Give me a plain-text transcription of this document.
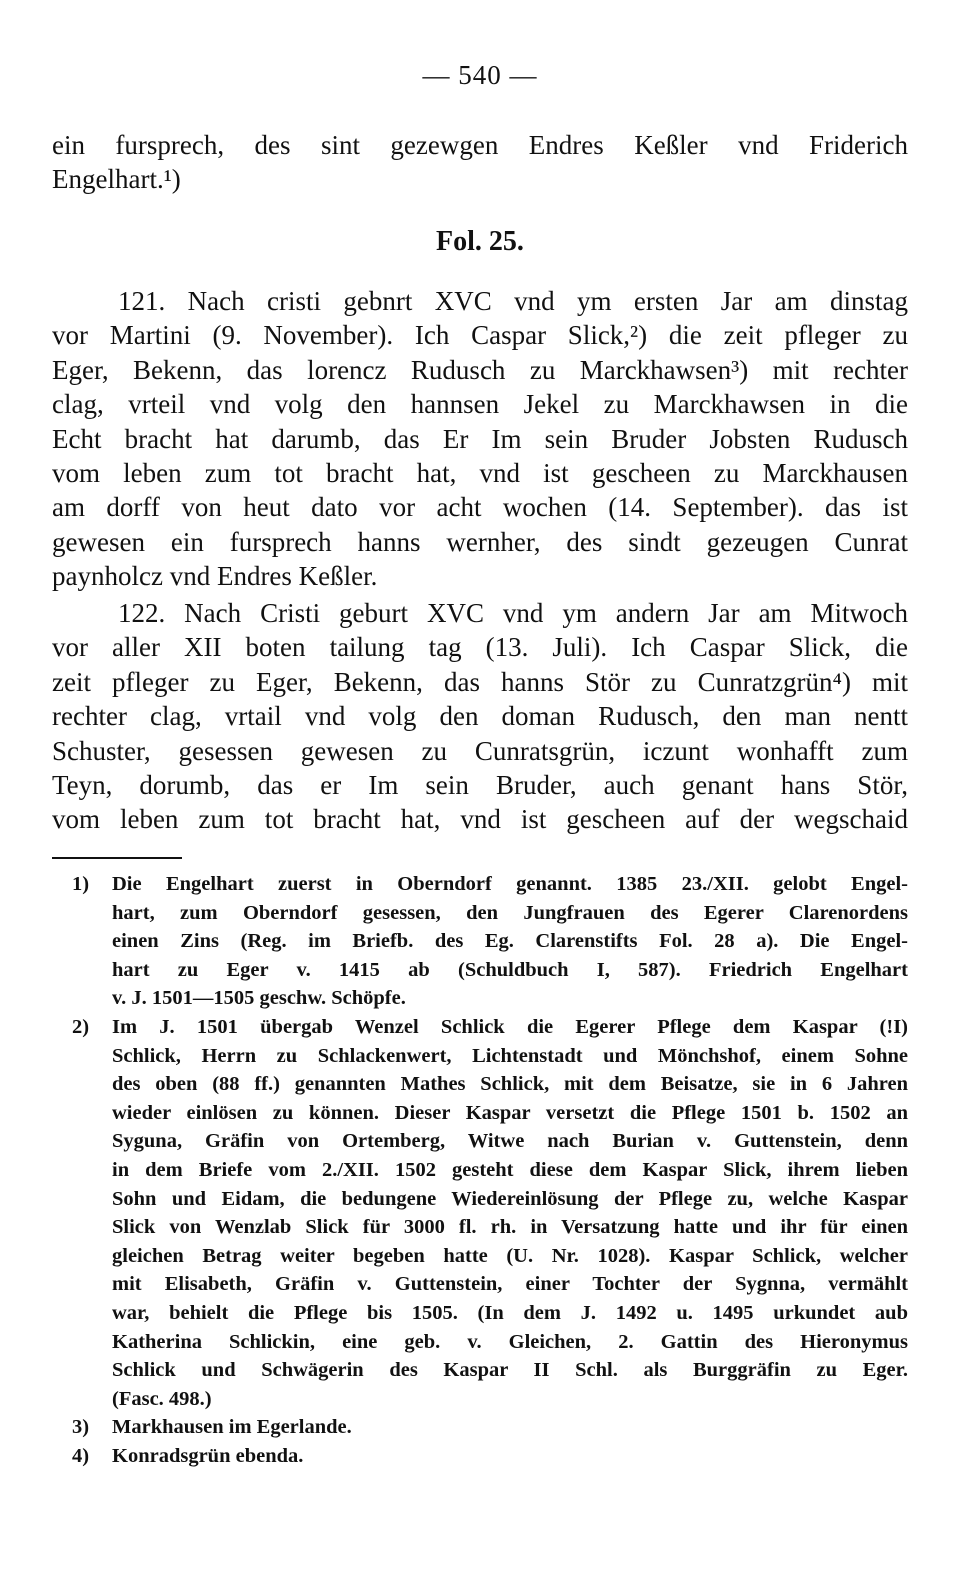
— 540 —
ein fursprech, des sint gezewgen Endres Keßler vnd Friderich
Engelhart.¹)
Fol. 25.
121. Nach cristi gebnrt XVC vnd ym ersten Jar am dinstag
vor Martini (9. November). Ich Caspar Slick,²) die zeit pfleger zu
Eger, Bekenn, das lorencz Rudusch zu Marckhawsen³) mit rechter
clag, vrteil vnd volg den hannsen Jekel zu Marckhawsen in die
Echt bracht hat darumb, das Er Im sein Bruder Jobsten Rudusch
vom leben zum tot bracht hat, vnd ist gescheen zu Marckhausen
am dorff von heut dato vor acht wochen (14. September). das ist
gewesen ein fursprech hanns wernher, des sindt gezeugen Cunrat
paynholcz vnd Endres Keßler.
122. Nach Cristi geburt XVC vnd ym andern Jar am Mitwoch
vor aller XII boten tailung tag (13. Juli). Ich Caspar Slick, die
zeit pfleger zu Eger, Bekenn, das hanns Stör zu Cunratzgrün⁴) mit
rechter clag, vrtail vnd volg den doman Rudusch, den man nentt
Schuster, gesessen gewesen zu Cunratsgrün, iczunt wonhafft zum
Teyn, dorumb, das er Im sein Bruder, auch genant hans Stör,
vom leben zum tot bracht hat, vnd ist gescheen auf der wegschaid
1) Die Engelhart zuerst in Oberndorf genannt. 1385 23./XII. gelobt Engel-
hart, zum Oberndorf gesessen, den Jungfrauen des Egerer Clarenordens
einen Zins (Reg. im Briefb. des Eg. Clarenstifts Fol. 28 a). Die Engel-
hart zu Eger v. 1415 ab (Schuldbuch I, 587). Friedrich Engelhart
v. J. 1501—1505 geschw. Schöpfe.
2) Im J. 1501 übergab Wenzel Schlick die Egerer Pflege dem Kaspar (!I)
Schlick, Herrn zu Schlackenwert, Lichtenstadt und Mönchshof, einem Sohne
des oben (88 ff.) genannten Mathes Schlick, mit dem Beisatze, sie in 6 Jahren
wieder einlösen zu können. Dieser Kaspar versetzt die Pflege 1501 b. 1502 an
Syguna, Gräfin von Ortemberg, Witwe nach Burian v. Guttenstein, denn
in dem Briefe vom 2./XII. 1502 gesteht diese dem Kaspar Slick, ihrem lieben
Sohn und Eidam, die bedungene Wiedereinlösung der Pflege zu, welche Kaspar
Slick von Wenzlab Slick für 3000 fl. rh. in Versatzung hatte und ihr für einen
gleichen Betrag weiter begeben hatte (U. Nr. 1028). Kaspar Schlick, welcher
mit Elisabeth, Gräfin v. Guttenstein, einer Tochter der Sygnna, vermählt
war, behielt die Pflege bis 1505. (In dem J. 1492 u. 1495 urkundet aub
Katherina Schlickin, eine geb. v. Gleichen, 2. Gattin des Hieronymus
Schlick und Schwägerin des Kaspar II Schl. als Burggräfin zu Eger.
(Fasc. 498.)
3) Markhausen im Egerlande.
4) Konradsgrün ebenda.
